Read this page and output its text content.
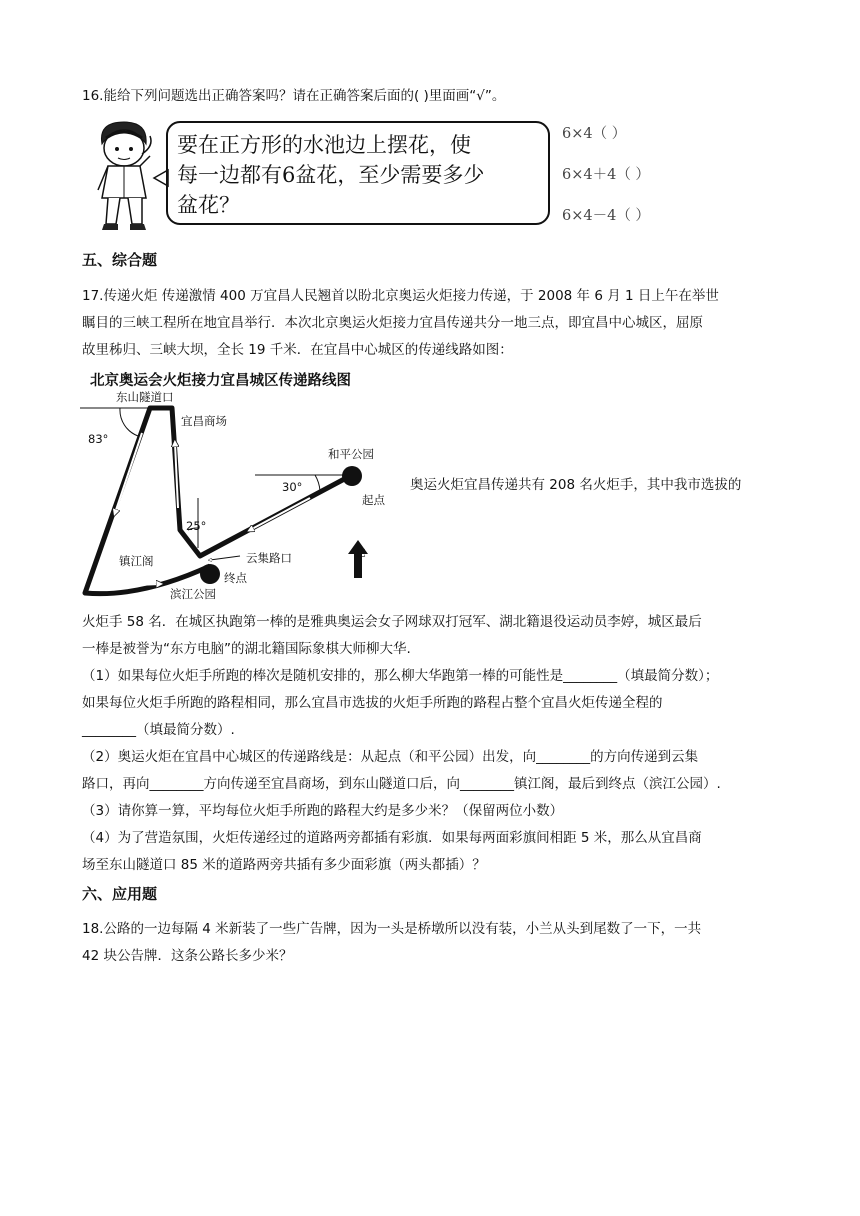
16.能给下列问题选出正确答案吗？请在正确答案后面的( )里面画“√”。
要在正方形的水池边上摆花，使
每一边都有6盆花，至少需要多少
盆花？
6×4（ ）
6×4＋4（ ）
6×4－4（ ）
五、综合题
17.传递火炬 传递激情 400 万宜昌人民翘首以盼北京奥运火炬接力传递，于 2008 年 6 月 1 日上午在举世
瞩目的三峡工程所在地宜昌举行．本次北京奥运火炬接力宜昌传递共分一地三点，即宜昌中心城区，屈原
故里秭归、三峡大坝，全长 19 千米．在宜昌中心城区的传递线路如图：
北京奥运会火炬接力宜昌城区传递路线图
东山隧道口
宜昌商场
83°
和平公园
30°
起点
25°
镇江阁	云集路口	北
终点
滨江公园
奥运火炬宜昌传递共有 208 名火炬手，其中我市选拔的
火炬手 58 名．在城区执跑第一棒的是雅典奥运会女子网球双打冠军、湖北籍退役运动员李婷，城区最后
一棒是被誉为“东方电脑”的湖北籍国际象棋大师柳大华.
（1）如果每位火炬手所跑的棒次是随机安排的，那么柳大华跑第一棒的可能性是________（填最简分数）；
如果每位火炬手所跑的路程相同，那么宜昌市选拔的火炬手所跑的路程占整个宜昌火炬传递全程的
________（填最简分数）.
（2）奥运火炬在宜昌中心城区的传递路线是：从起点（和平公园）出发，向________的方向传递到云集
路口，再向________方向传递至宜昌商场，到东山隧道口后，向________镇江阁，最后到终点（滨江公园）.
（3）请你算一算，平均每位火炬手所跑的路程大约是多少米？（保留两位小数）
（4）为了营造氛围，火炬传递经过的道路两旁都插有彩旗．如果每两面彩旗间相距 5 米，那么从宜昌商
场至东山隧道口 85 米的道路两旁共插有多少面彩旗（两头都插）？
六、应用题
18.公路的一边每隔 4 米新装了一些广告牌，因为一头是桥墩所以没有装，小兰从头到尾数了一下，一共
42 块公告牌．这条公路长多少米？
